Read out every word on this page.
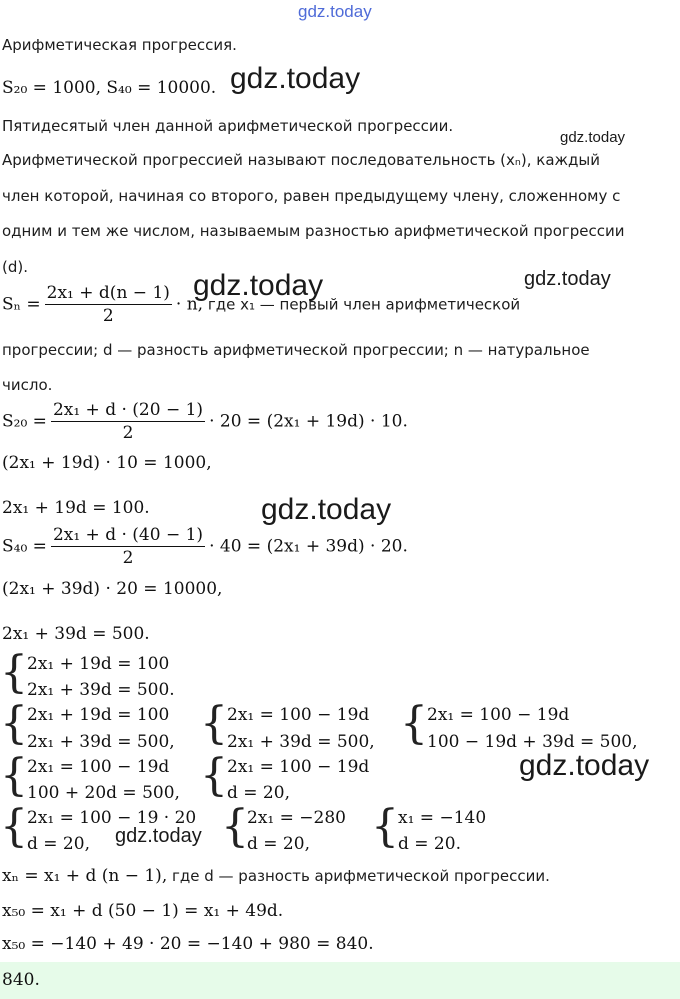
gdz.today
gdz.today
gdz.today
gdz.today	gdz.today
gdz.today
gdz.today
gdz.today
Арифметическая прогрессия.
S₂₀ = 1000, S₄₀ = 10000.
Пятидесятый член данной арифметической прогрессии.
Арифметической прогрессией называют последовательность (xₙ), каждый
член которой, начиная со второго, равен предыдущему члену, сложенному с
одним и тем же числом, называемым разностью арифметической прогрессии
(d).
$S_n = \frac{\text{2x₁ + d(n − 1)}}{2} \cdot n$, где x₁ — первый член арифметической
прогрессии; d — разность арифметической прогрессии; n — натуральное
число.
$S_{20} = \frac{\text{2x₁ + d · (20 − 1)}}{2} \cdot 20 = (2x_1 + 19d) \cdot 10$.
(2x₁ + 19d) · 10 = 1000,
2x₁ + 19d = 100.
$S_{40} = \frac{\text{2x₁ + d · (40 − 1)}}{2} \cdot 40 = (2x_1 + 39d) \cdot 20$.
(2x₁ + 39d) · 20 = 10000,
2x₁ + 39d = 500.
{ 2x₁ + 19d = 100
2x₁ + 39d = 500.
{ 2x₁ + 19d = 100
2x₁ + 39d = 500, { 2x₁ = 100 − 19d
2x₁ + 39d = 500, { 2x₁ = 100 − 19d
100 − 19d + 39d = 500,
{ 2x₁ = 100 − 19d
100 + 20d = 500, { 2x₁ = 100 − 19d
d = 20,
{ 2x₁ = 100 − 19 · 20
d = 20,	{
2x₁ = −280
d = 20, { x₁ = −140
d = 20.
xₙ = x₁ + d (n − 1), где d — разность арифметической прогрессии.
x₅₀ = x₁ + d (50 − 1) = x₁ + 49d.
x₅₀ = −140 + 49 · 20 = −140 + 980 = 840.
840.
